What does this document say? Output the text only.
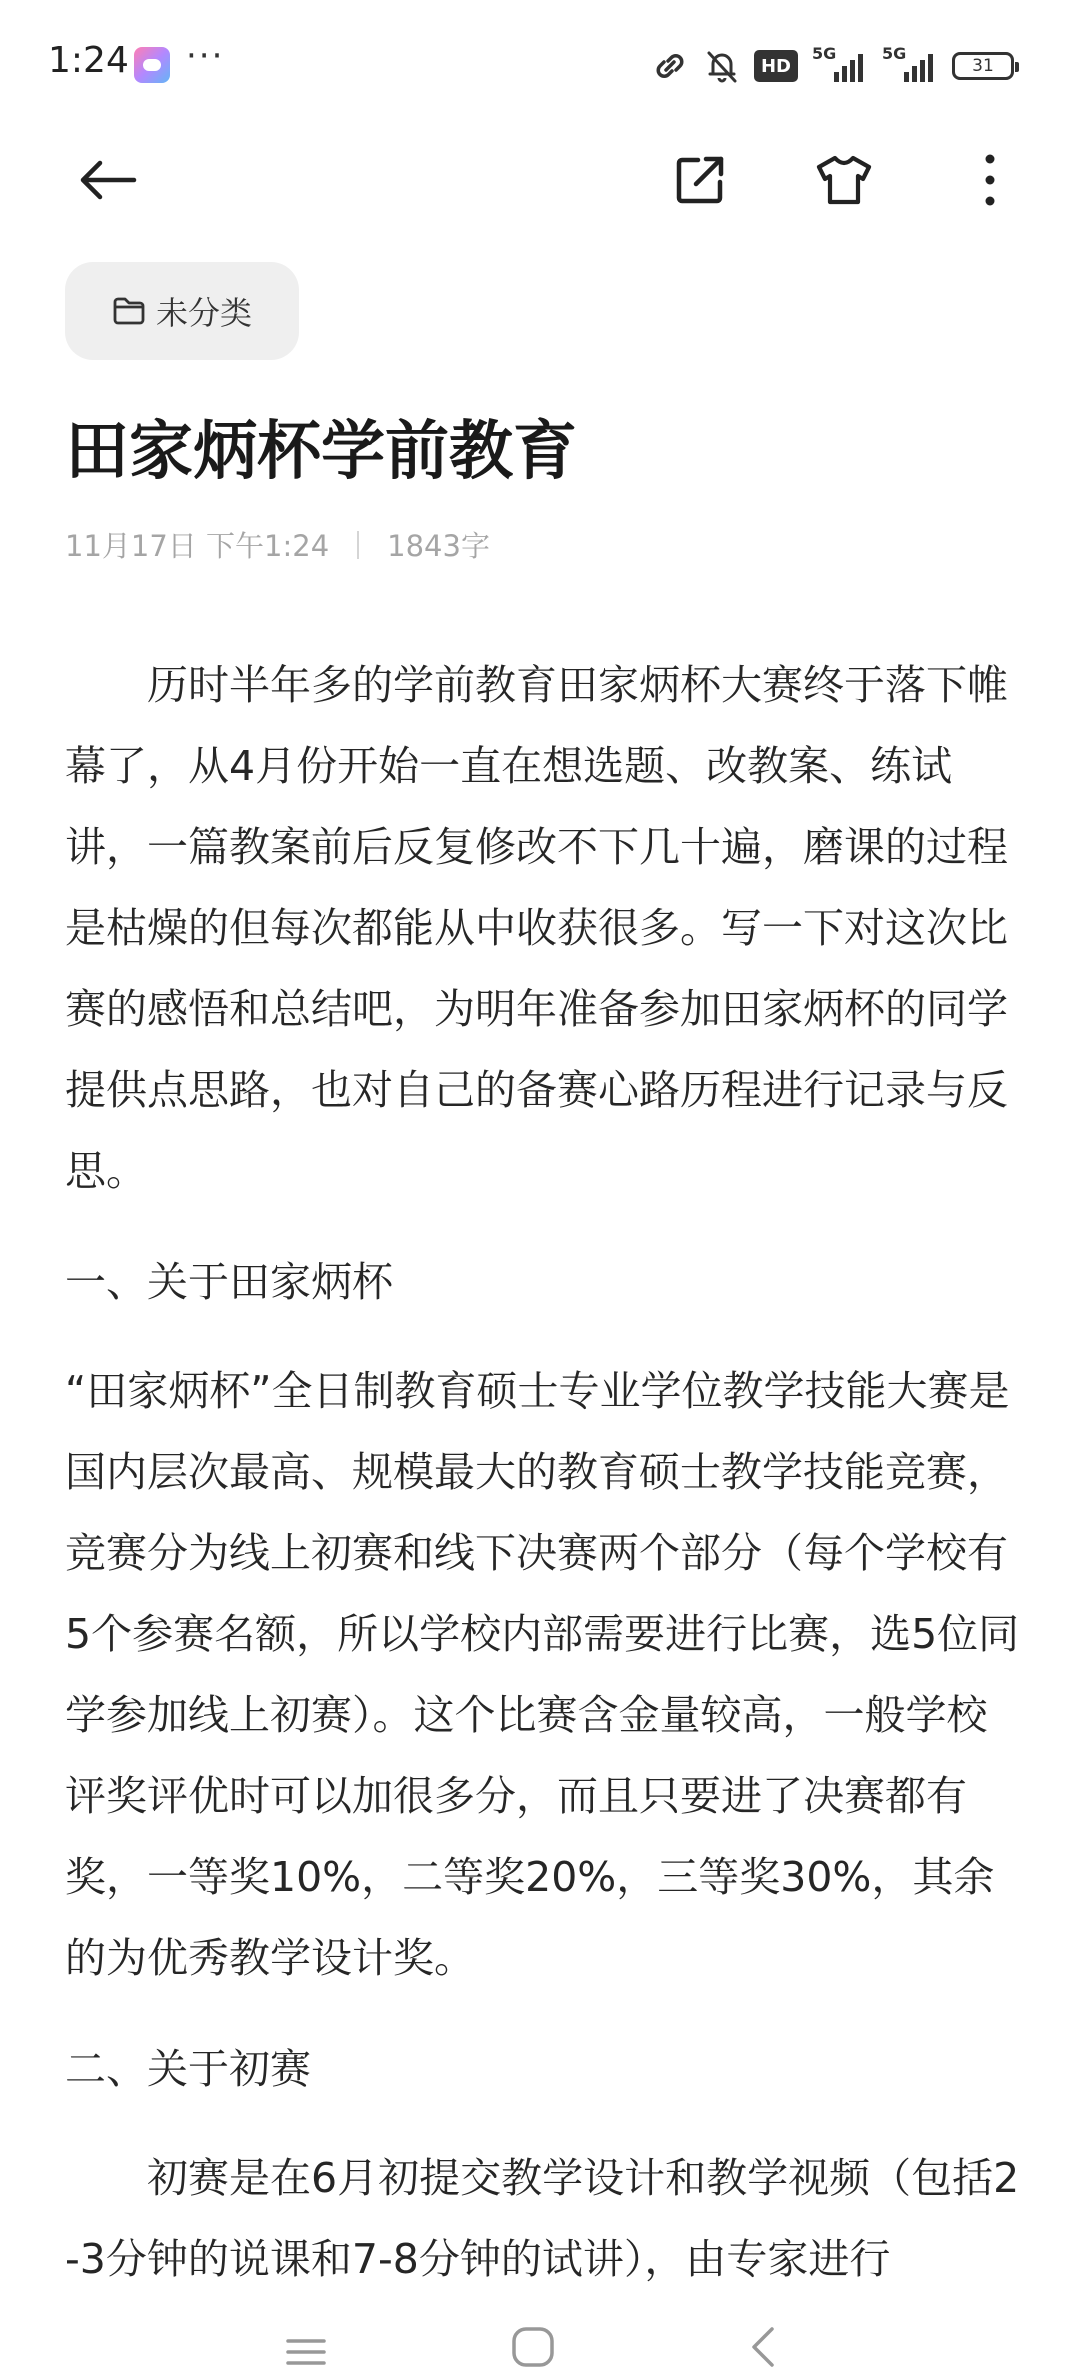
1:24 ···	HD
5G	5G
31
未分类
田家炳杯学前教育
11月17日 下午1:24 1843字

历时半年多的学前教育田家炳杯大赛终于落下帷幕了，从4月份开始一直在想选题、改教案、练试讲，一篇教案前后反复修改不下几十遍，磨课的过程是枯燥的但每次都能从中收获很多。写一下对这次比赛的感悟和总结吧，为明年准备参加田家炳杯的同学提供点思路，也对自己的备赛心路历程进行记录与反思。

一、关于田家炳杯

“田家炳杯”全日制教育硕士专业学位教学技能大赛是国内层次最高、规模最大的教育硕士教学技能竞赛，竞赛分为线上初赛和线下决赛两个部分（每个学校有5个参赛名额，所以学校内部需要进行比赛，选5位同学参加线上初赛）。这个比赛含金量较高，一般学校评奖评优时可以加很多分，而且只要进了决赛都有奖，一等奖10%，二等奖20%，三等奖30%，其余的为优秀教学设计奖。

二、关于初赛

初赛是在6月初提交教学设计和教学视频（包括2-3分钟的说课和7-8分钟的试讲），由专家进行
